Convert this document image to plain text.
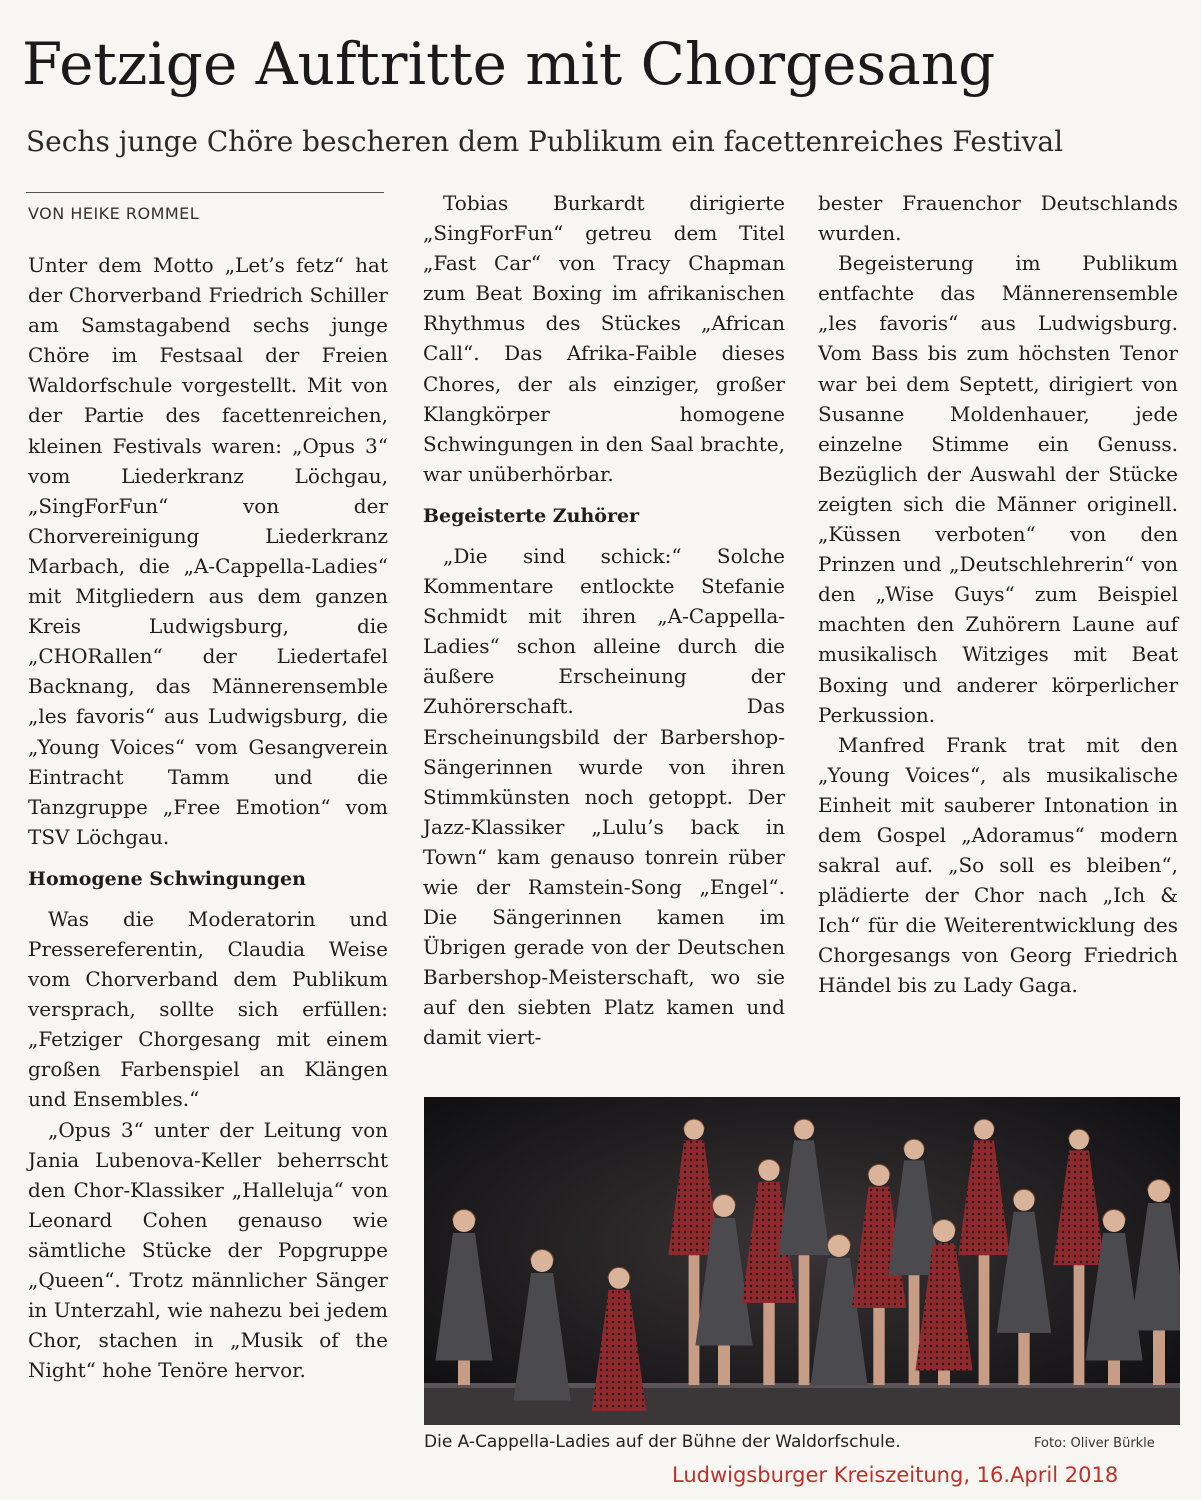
Fetzige Auftritte mit Chorgesang
Sechs junge Chöre bescheren dem Publikum ein facettenreiches Festival
VON HEIKE ROMMEL

Unter dem Motto „Let’s fetz“ hat der Chorverband Friedrich Schiller am Samstagabend sechs junge Chöre im Festsaal der Freien Waldorfschule vorgestellt. Mit von der Partie des facettenreichen, kleinen Festivals waren: „Opus 3“ vom Liederkranz Löchgau, „SingForFun“ von der Chorvereinigung Liederkranz Marbach, die „A-Cappella-Ladies“ mit Mitgliedern aus dem ganzen Kreis Ludwigsburg, die „CHORallen“ der Liedertafel Backnang, das Männerensemble „les favoris“ aus Ludwigsburg, die „Young Voices“ vom Gesangverein Eintracht Tamm und die Tanzgruppe „Free Emotion“ vom TSV Löchgau.

Homogene Schwingungen

Was die Moderatorin und Pressereferentin, Claudia Weise vom Chorverband dem Publikum versprach, sollte sich erfüllen: „Fetziger Chorgesang mit einem großen Farbenspiel an Klängen und Ensembles.“

„Opus 3“ unter der Leitung von Jania Lubenova-Keller beherrscht den Chor-Klassiker „Halleluja“ von Leonard Cohen genauso wie sämtliche Stücke der Popgruppe „Queen“. Trotz männlicher Sänger in Unterzahl, wie nahezu bei jedem Chor, stachen in „Musik of the Night“ hohe Tenöre hervor.

Tobias Burkardt dirigierte „SingForFun“ getreu dem Titel „Fast Car“ von Tracy Chapman zum Beat Boxing im afrikanischen Rhythmus des Stückes „African Call“. Das Afrika-Faible dieses Chores, der als einziger, großer Klangkörper homogene Schwingungen in den Saal brachte, war unüberhörbar.

Begeisterte Zuhörer

„Die sind schick:“ Solche Kommentare entlockte Stefanie Schmidt mit ihren „A-Cappella-Ladies“ schon alleine durch die äußere Erscheinung der Zuhörerschaft. Das Erscheinungsbild der Barbershop-Sängerinnen wurde von ihren Stimmkünsten noch getoppt. Der Jazz-Klassiker „Lulu’s back in Town“ kam genauso tonrein rüber wie der Ramstein-Song „Engel“. Die Sängerinnen kamen im Übrigen gerade von der Deutschen Barbershop-Meisterschaft, wo sie auf den siebten Platz kamen und damit viert-

bester Frauenchor Deutschlands wurden.

Begeisterung im Publikum entfachte das Männerensemble „les favoris“ aus Ludwigsburg. Vom Bass bis zum höchsten Tenor war bei dem Septett, dirigiert von Susanne Moldenhauer, jede einzelne Stimme ein Genuss. Bezüglich der Auswahl der Stücke zeigten sich die Männer originell. „Küssen verboten“ von den Prinzen und „Deutschlehrerin“ von den „Wise Guys“ zum Beispiel machten den Zuhörern Laune auf musikalisch Witziges mit Beat Boxing und anderer körperlicher Perkussion.

Manfred Frank trat mit den „Young Voices“, als musikalische Einheit mit sauberer Intonation in dem Gospel „Adoramus“ modern sakral auf. „So soll es bleiben“, plädierte der Chor nach „Ich & Ich“ für die Weiterentwicklung des Chorgesangs von Georg Friedrich Händel bis zu Lady Gaga.

Die A-Cappella-Ladies auf der Bühne der Waldorfschule.	Foto: Oliver Bürkle
Ludwigsburger Kreiszeitung, 16.April 2018
